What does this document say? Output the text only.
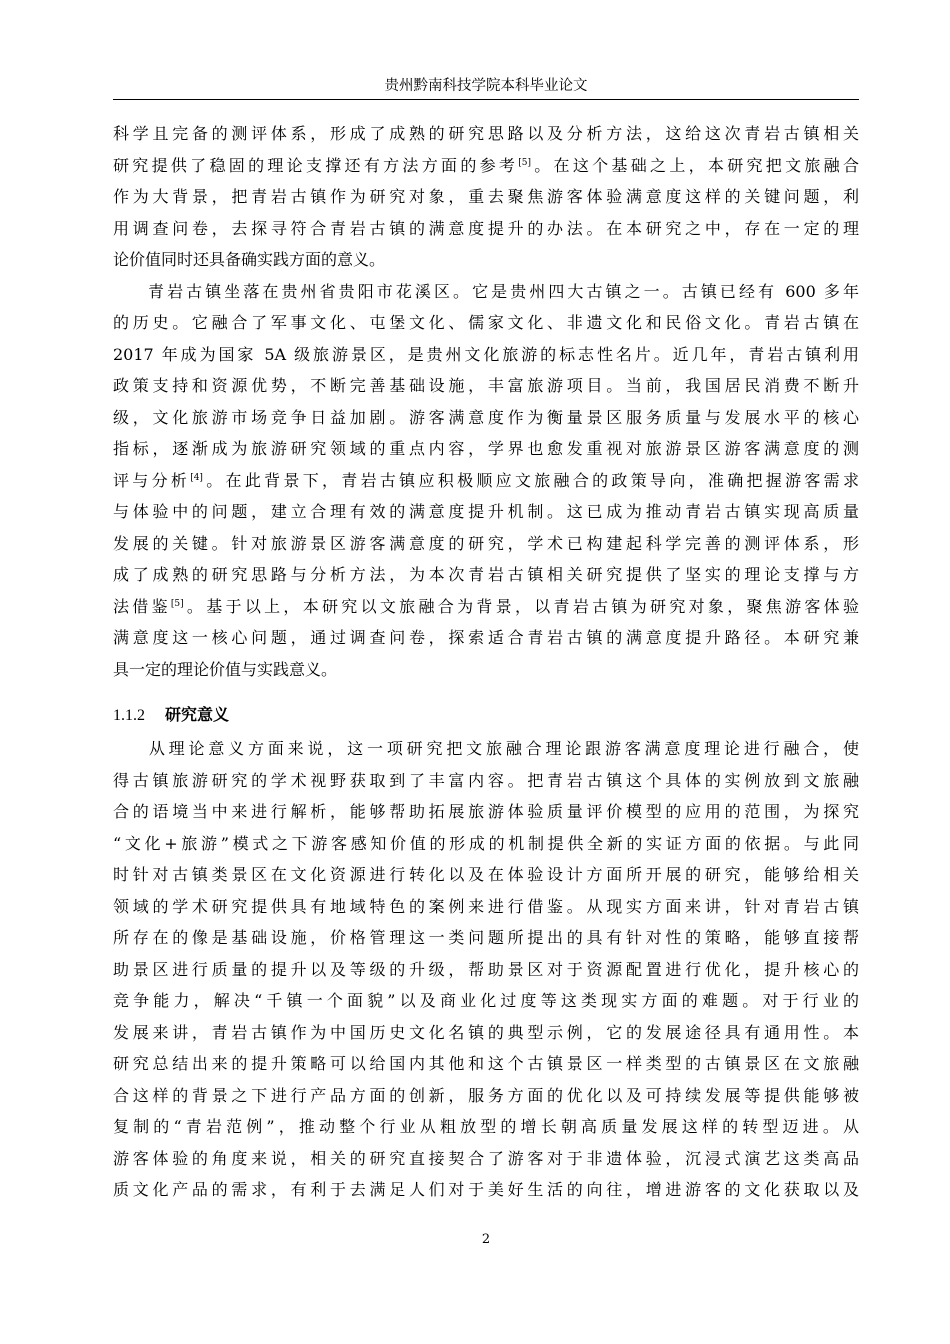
贵州黔南科技学院本科毕业论文
科学且完备的测评体系，形成了成熟的研究思路以及分析方法，这给这次青岩古镇相关
研究提供了稳固的理论支撑还有方法方面的参考[5]。在这个基础之上，本研究把文旅融合
作为大背景，把青岩古镇作为研究对象，重去聚焦游客体验满意度这样的关键问题，利
用调查问卷，去探寻符合青岩古镇的满意度提升的办法。在本研究之中，存在一定的理
论价值同时还具备确实践方面的意义。
青岩古镇坐落在贵州省贵阳市花溪区。它是贵州四大古镇之一。古镇已经有 600 多年
的历史。它融合了军事文化、屯堡文化、儒家文化、非遗文化和民俗文化。青岩古镇在
2017 年成为国家 5A 级旅游景区，是贵州文化旅游的标志性名片。近几年，青岩古镇利用
政策支持和资源优势，不断完善基础设施，丰富旅游项目。当前，我国居民消费不断升
级，文化旅游市场竞争日益加剧。游客满意度作为衡量景区服务质量与发展水平的核心
指标，逐渐成为旅游研究领域的重点内容，学界也愈发重视对旅游景区游客满意度的测
评与分析[4]。在此背景下，青岩古镇应积极顺应文旅融合的政策导向，准确把握游客需求
与体验中的问题，建立合理有效的满意度提升机制。这已成为推动青岩古镇实现高质量
发展的关键。针对旅游景区游客满意度的研究，学术已构建起科学完善的测评体系，形
成了成熟的研究思路与分析方法，为本次青岩古镇相关研究提供了坚实的理论支撑与方
法借鉴[5]。基于以上，本研究以文旅融合为背景，以青岩古镇为研究对象，聚焦游客体验
满意度这一核心问题，通过调查问卷，探索适合青岩古镇的满意度提升路径。本研究兼
具一定的理论价值与实践意义。
1.1.2 研究意义
从理论意义方面来说，这一项研究把文旅融合理论跟游客满意度理论进行融合，使
得古镇旅游研究的学术视野获取到了丰富内容。把青岩古镇这个具体的实例放到文旅融
合的语境当中来进行解析，能够帮助拓展旅游体验质量评价模型的应用的范围，为探究
“文化+旅游”模式之下游客感知价值的形成的机制提供全新的实证方面的依据。与此同
时针对古镇类景区在文化资源进行转化以及在体验设计方面所开展的研究，能够给相关
领域的学术研究提供具有地域特色的案例来进行借鉴。从现实方面来讲，针对青岩古镇
所存在的像是基础设施，价格管理这一类问题所提出的具有针对性的策略，能够直接帮
助景区进行质量的提升以及等级的升级，帮助景区对于资源配置进行优化，提升核心的
竞争能力，解决“千镇一个面貌”以及商业化过度等这类现实方面的难题。对于行业的
发展来讲，青岩古镇作为中国历史文化名镇的典型示例，它的发展途径具有通用性。本
研究总结出来的提升策略可以给国内其他和这个古镇景区一样类型的古镇景区在文旅融
合这样的背景之下进行产品方面的创新，服务方面的优化以及可持续发展等提供能够被
复制的“青岩范例”，推动整个行业从粗放型的增长朝高质量发展这样的转型迈进。从
游客体验的角度来说，相关的研究直接契合了游客对于非遗体验，沉浸式演艺这类高品
质文化产品的需求，有利于去满足人们对于美好生活的向往，增进游客的文化获取以及
2
